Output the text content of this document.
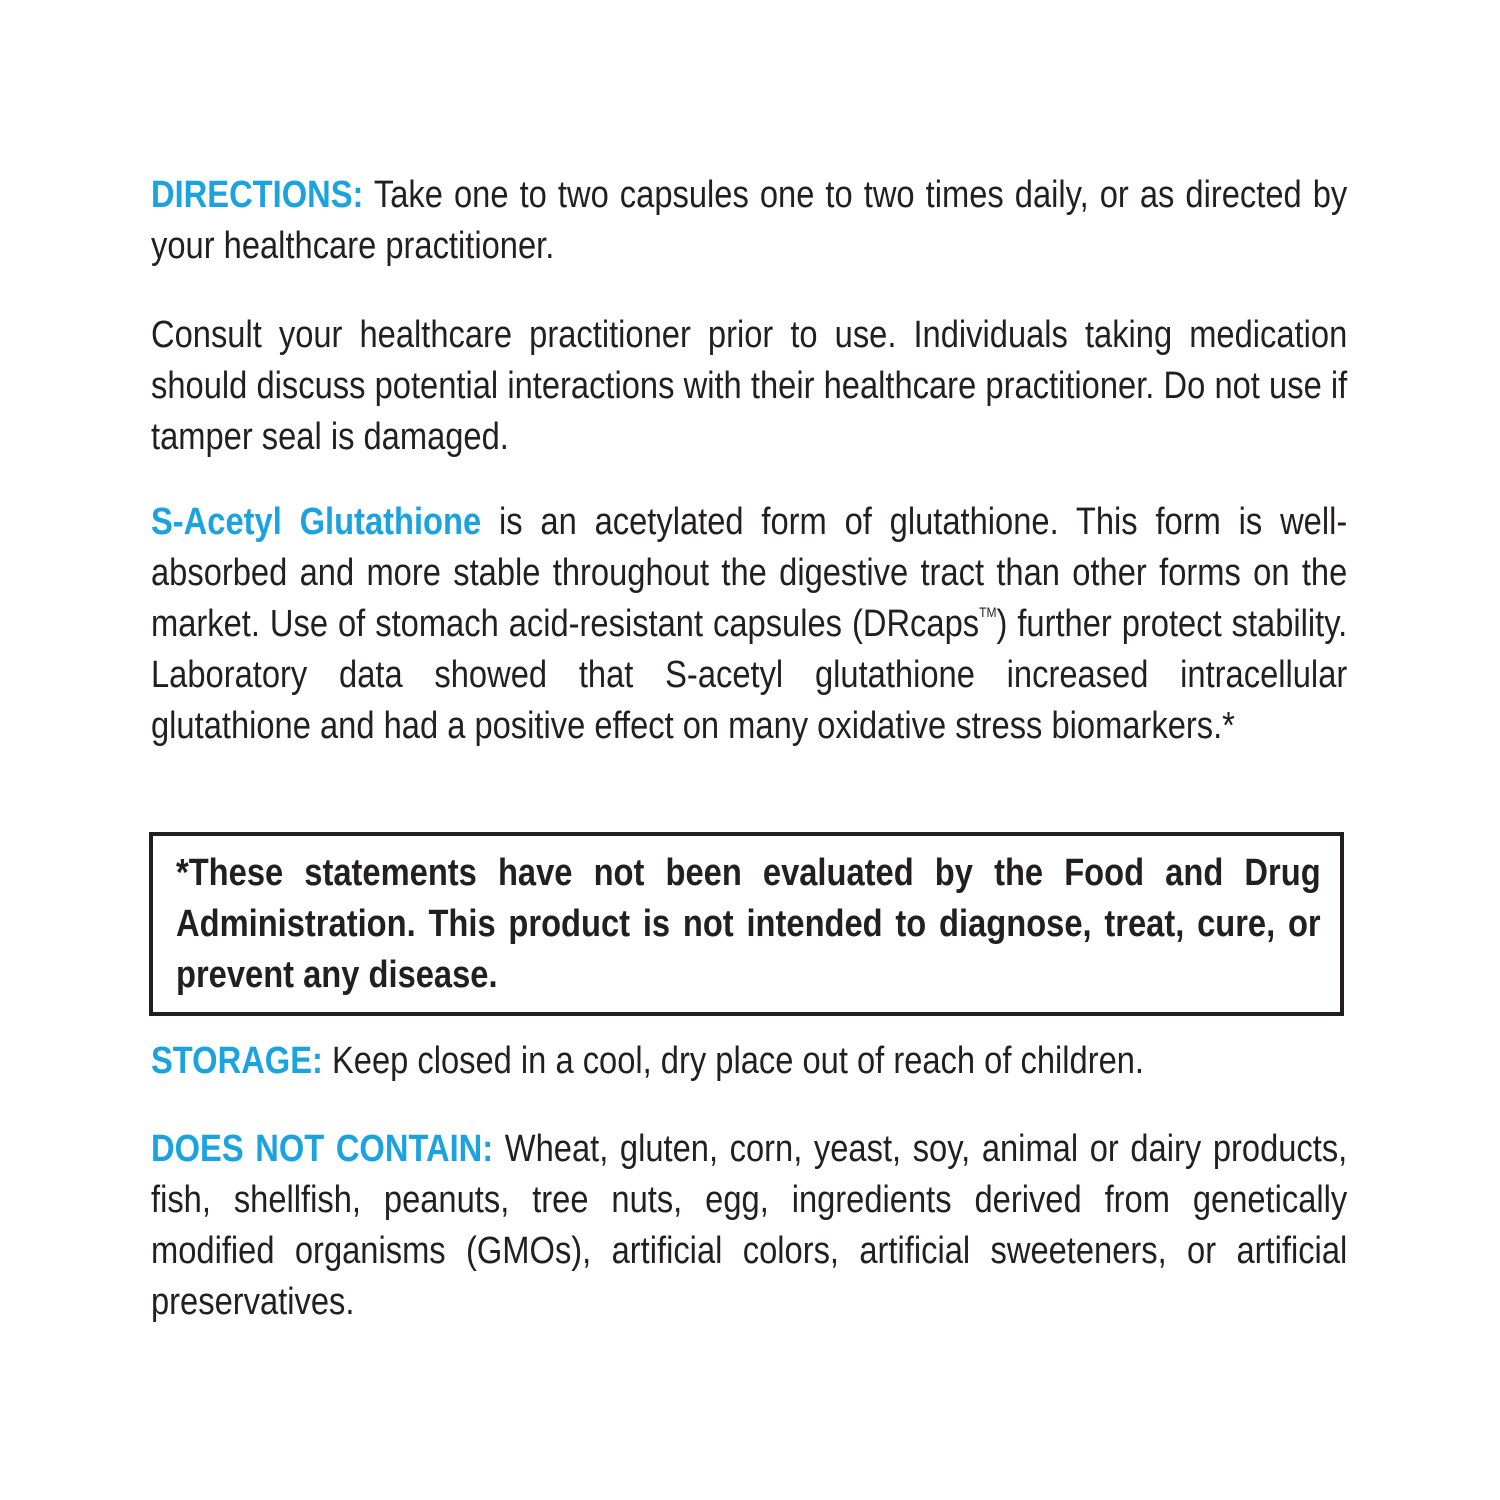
DIRECTIONS: Take one to two capsules one to two times daily, or as directed by your healthcare practitioner.

Consult your healthcare practitioner prior to use. Individuals taking medication should discuss potential interactions with their healthcare practitioner. Do not use if tamper seal is damaged.

S-Acetyl Glutathione is an acetylated form of glutathione. This form is well-absorbed and more stable throughout the digestive tract than other forms on the market. Use of stomach acid-resistant capsules (DRcaps™) further protect stability. Laboratory data showed that S-acetyl glutathione increased intracellular glutathione and had a positive effect on many oxidative stress biomarkers.*

*These statements have not been evaluated by the Food and Drug Administration. This product is not intended to diagnose, treat, cure, or prevent any disease.

STORAGE: Keep closed in a cool, dry place out of reach of children.

DOES NOT CONTAIN: Wheat, gluten, corn, yeast, soy, animal or dairy products, fish, shellfish, peanuts, tree nuts, egg, ingredients derived from genetically modified organisms (GMOs), artificial colors, artificial sweeteners, or artificial preservatives.
